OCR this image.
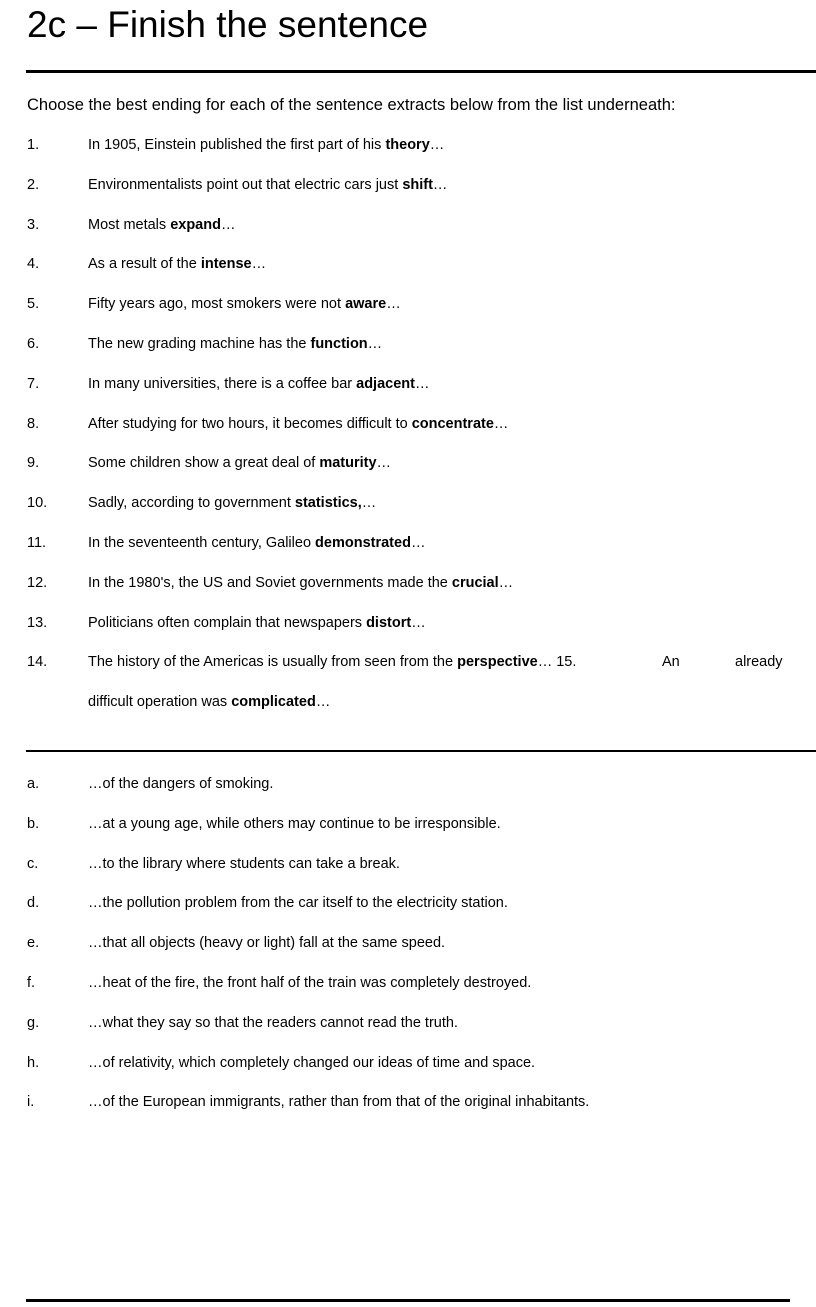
2c – Finish the sentence
Choose the best ending for each of the sentence extracts below from the list underneath:
1.	In 1905, Einstein published the first part of his theory…
2.	Environmentalists point out that electric cars just shift…
3.	Most metals expand…
4.	As a result of the intense…
5.	Fifty years ago, most smokers were not aware…
6.	The new grading machine has the function…
7.	In many universities, there is a coffee bar adjacent…
8.	After studying for two hours, it becomes difficult to concentrate…
9.	Some children show a great deal of maturity…
10.	Sadly, according to government statistics,…
11.	In the seventeenth century, Galileo demonstrated…
12.	In the 1980's, the US and Soviet governments made the crucial…
13.	Politicians often complain that newspapers distort…
14.	The history of the Americas is usually from seen from the perspective… 15.	An	already
difficult operation was complicated…
a.	…of the dangers of smoking.
b.	…at a young age, while others may continue to be irresponsible.
c.	…to the library where students can take a break.
d.	…the pollution problem from the car itself to the electricity station.
e.	…that all objects (heavy or light) fall at the same speed.
f.	…heat of the fire, the front half of the train was completely destroyed.
g.	…what they say so that the readers cannot read the truth.
h.	…of relativity, which completely changed our ideas of time and space.
i.	…of the European immigrants, rather than from that of the original inhabitants.
